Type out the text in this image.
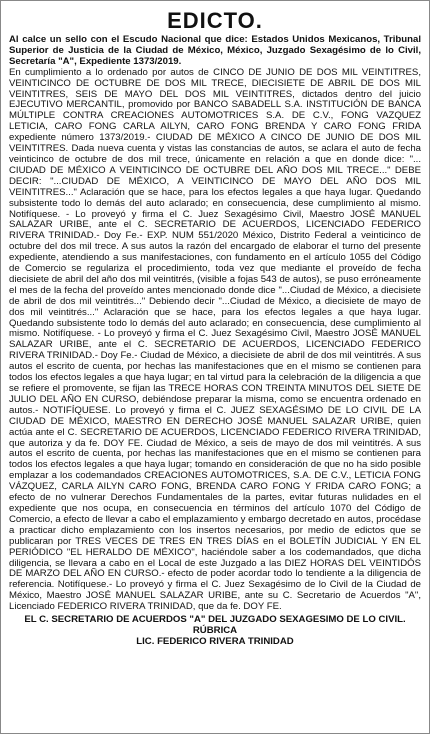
EDICTO.

Al calce un sello con el Escudo Nacional que dice: Estados Unidos Mexicanos, Tribunal Superior de Justicia de la Ciudad de México, México, Juzgado Sexagésimo de lo Civil, Secretaría "A", Expediente 1373/2019.

En cumplimiento a lo ordenado por autos de CINCO DE JUNIO DE DOS MIL VEINTITRES, VEINTICINCO DE OCTUBRE DE DOS MIL TRECE, DIECISIETE DE ABRIL DE DOS MIL VEINTITRES, SEIS DE MAYO DEL DOS MIL VEINTITRES, dictados dentro del juicio EJECUTIVO MERCANTIL, promovido por BANCO SABADELL S.A. INSTITUCIÓN DE BANCA MÚLTIPLE CONTRA CREACIONES AUTOMOTRICES S.A. DE C.V., FONG VAZQUEZ LETICIA, CARO FONG CARLA AILYN, CARO FONG BRENDA Y CARO FONG FRIDA expediente número 1373/2019.- CIUDAD DE MÉXICO A CINCO DE JUNIO DE DOS MIL VEINTITRES. Dada nueva cuenta y vistas las constancias de autos, se aclara el auto de fecha veinticinco de octubre de dos mil trece, únicamente en relación a que en donde dice: "... CIUDAD DE MÉXICO A VEINTICINCO DE OCTUBRE DEL AÑO DOS MIL TRECE..." DEBE DECIR: "...CIUDAD DE MÉXICO, A VEINTICINCO DE MAYO DEL AÑO DOS MIL VEINTITRES..." Aclaración que se hace, para los efectos legales a que haya lugar. Quedando subsistente todo lo demás del auto aclarado; en consecuencia, dese cumplimiento al mismo. Notifíquese. - Lo proveyó y firma el C. Juez Sexagésimo Civil, Maestro JOSÉ MANUEL SALAZAR URIBE, ante el C. SECRETARIO DE ACUERDOS, LICENCIADO FEDERICO RIVERA TRINIDAD.- Doy Fe.- EXP. NUM 551/2020 México, Distrito Federal a veinticinco de octubre del dos mil trece. A sus autos la razón del encargado de elaborar el turno del presente expediente, atendiendo a sus manifestaciones, con fundamento en el artículo 1055 del Código de Comercio se regulariza el procedimiento, toda vez que mediante el proveído de fecha diecisiete de abril del año dos mil veintitrés, (visible a fojas 543 de autos), se puso erróneamente el mes de la fecha del proveído antes mencionado donde dice "...Ciudad de México, a diecisiete de abril de dos mil veintitrés..." Debiendo decir "...Ciudad de México, a diecisiete de mayo de dos mil veintitrés..." Aclaración que se hace, para los efectos legales a que haya lugar. Quedando subsistente todo lo demás del auto aclarado; en consecuencia, dese cumplimiento al mismo. Notifíquese. - Lo proveyó y firma el C. Juez Sexagésimo Civil, Maestro JOSÉ MANUEL SALAZAR URIBE, ante el C. SECRETARIO DE ACUERDOS, LICENCIADO FEDERICO RIVERA TRINIDAD.- Doy Fe.- Ciudad de México, a diecisiete de abril de dos mil veintitrés. A sus autos el escrito de cuenta, por hechas las manifestaciones que en el mismo se contienen para todos los efectos legales a que haya lugar; en tal virtud para la celebración de la diligencia a que se refiere el promovente, se fijan las TRECE HORAS CON TREINTA MINUTOS DEL SIETE DE JULIO DEL AÑO EN CURSO, debiéndose preparar la misma, como se encuentra ordenado en autos.- NOTIFÍQUESE. Lo proveyó y firma el C. JUEZ SEXAGÉSIMO DE LO CIVIL DE LA CIUDAD DE MÉXICO, MAESTRO EN DERECHO JOSÉ MANUEL SALAZAR URIBE, quien actúa ante el C. SECRETARIO DE ACUERDOS, LICENCIADO FEDERICO RIVERA TRINIDAD, que autoriza y da fe. DOY FE. Ciudad de México, a seis de mayo de dos mil veintitrés. A sus autos el escrito de cuenta, por hechas las manifestaciones que en el mismo se contienen para todos los efectos legales a que haya lugar; tomando en consideración de que no ha sido posible emplazar a los codemandados CREACIONES AUTOMOTRICES, S.A. DE C.V., LETICIA FONG VÁZQUEZ, CARLA AILYN CARO FONG, BRENDA CARO FONG Y FRIDA CARO FONG; a efecto de no vulnerar Derechos Fundamentales de la partes, evitar futuras nulidades en el expediente que nos ocupa, en consecuencia en términos del artículo 1070 del Código de Comercio, a efecto de llevar a cabo el emplazamiento y embargo decretado en autos, procédase a practicar dicho emplazamiento con los insertos necesarios, por medio de edictos que se publicaran por TRES VECES DE TRES EN TRES DÍAS en el BOLETÍN JUDICIAL Y EN EL PERIÓDICO "EL HERALDO DE MÉXICO", haciéndole saber a los codemandados, que dicha diligencia, se llevara a cabo en el Local de este Juzgado a las DIEZ HORAS DEL VEINTIDÓS DE MARZO DEL AÑO EN CURSO.- efecto de poder acordar todo lo tendiente a la diligencia de referencia. Notifíquese.- Lo proveyó y firma el C. Juez Sexagésimo de lo Civil de la Ciudad de México, Maestro JOSÉ MANUEL SALAZAR URIBE, ante su C. Secretario de Acuerdos "A", Licenciado FEDERICO RIVERA TRINIDAD, que da fe. DOY FE.

EL C. SECRETARIO DE ACUERDOS "A" DEL JUZGADO SEXAGESIMO DE LO CIVIL.

RÚBRICA

LIC. FEDERICO RIVERA TRINIDAD
